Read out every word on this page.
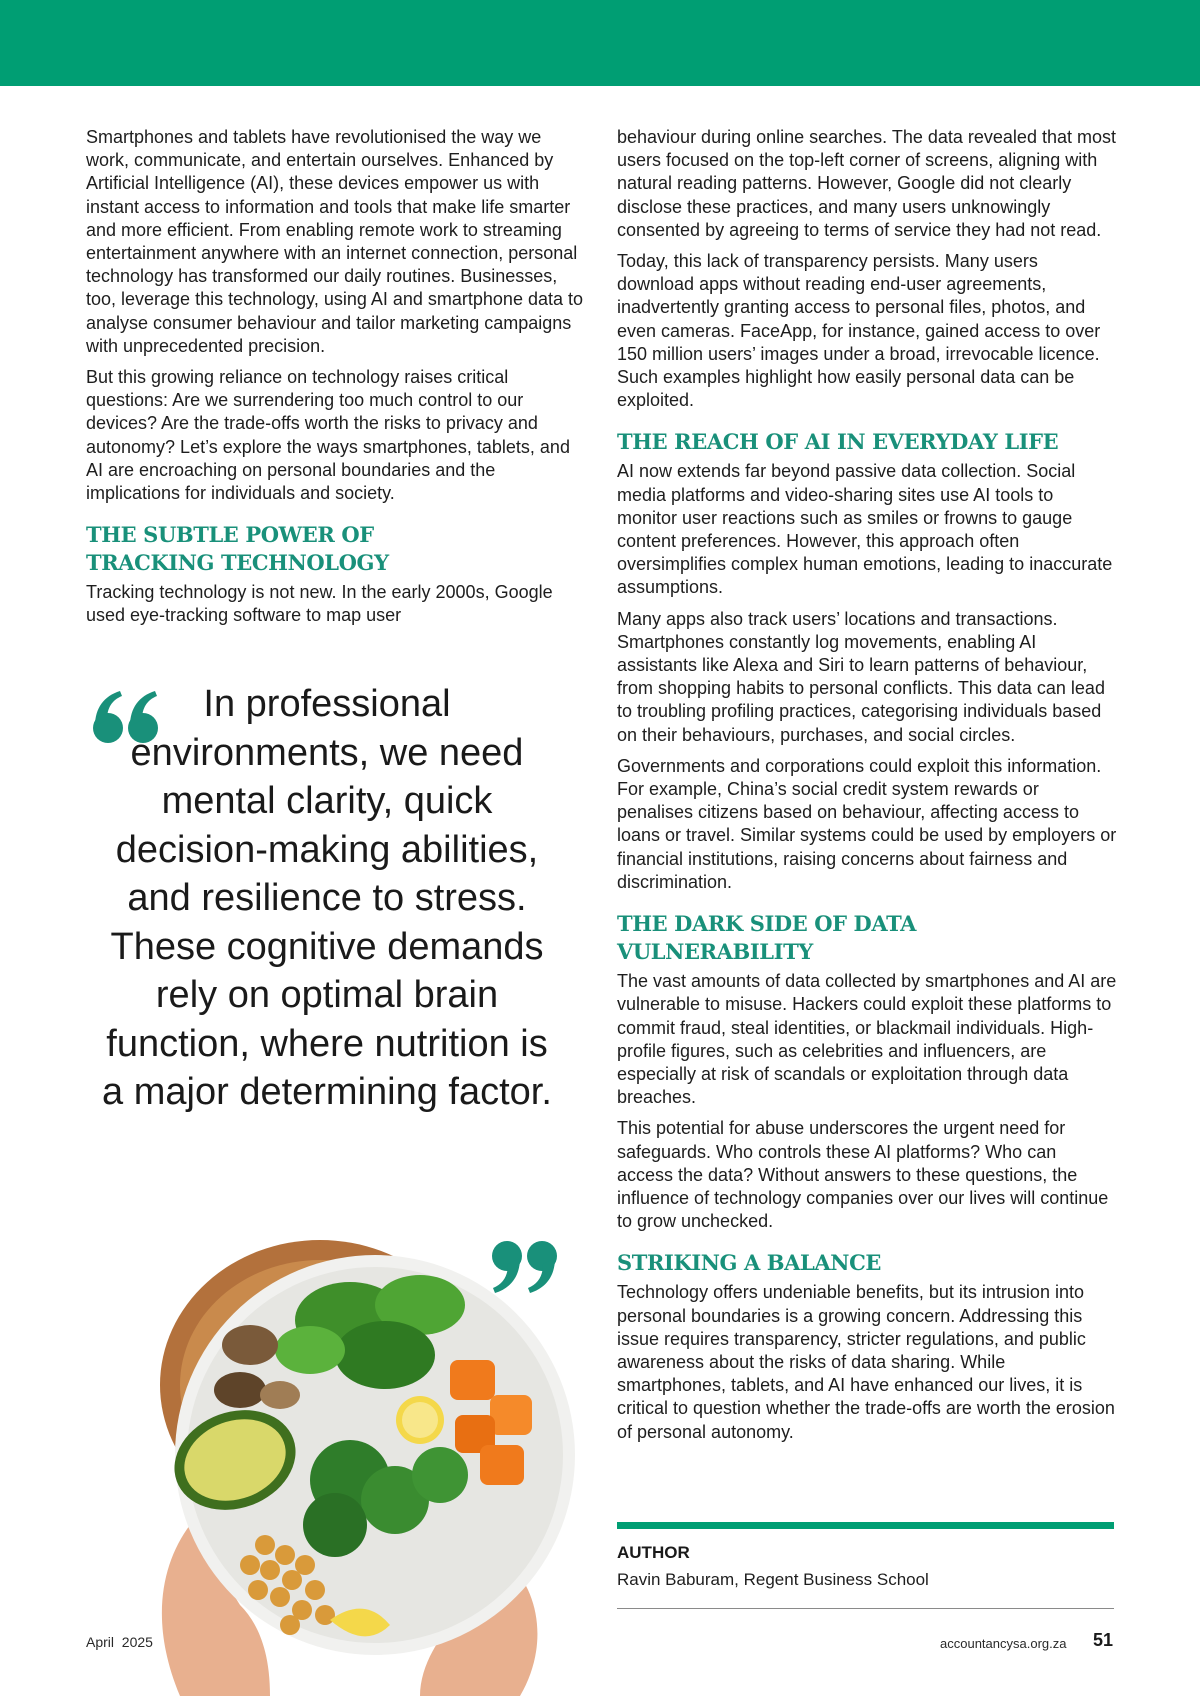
Smartphones and tablets have revolutionised the way we work, communicate, and entertain ourselves. Enhanced by Artificial Intelligence (AI), these devices empower us with instant access to information and tools that make life smarter and more efficient. From enabling remote work to streaming entertainment anywhere with an internet connection, personal technology has transformed our daily routines. Businesses, too, leverage this technology, using AI and smartphone data to analyse consumer behaviour and tailor marketing campaigns with unprecedented precision.

But this growing reliance on technology raises critical questions: Are we surrendering too much control to our devices? Are the trade-offs worth the risks to privacy and autonomy? Let’s explore the ways smartphones, tablets, and AI are encroaching on personal boundaries and the implications for individuals and society.

THE SUBTLE POWER OF TRACKING TECHNOLOGY

Tracking technology is not new. In the early 2000s, Google used eye-tracking software to map user

In professional environments, we need mental clarity, quick decision-making abilities, and resilience to stress. These cognitive demands rely on optimal brain function, where nutrition is a major determining factor.

behaviour during online searches. The data revealed that most users focused on the top-left corner of screens, aligning with natural reading patterns. However, Google did not clearly disclose these practices, and many users unknowingly consented by agreeing to terms of service they had not read.

Today, this lack of transparency persists. Many users download apps without reading end-user agreements, inadvertently granting access to personal files, photos, and even cameras. FaceApp, for instance, gained access to over 150 million users’ images under a broad, irrevocable licence. Such examples highlight how easily personal data can be exploited.

THE REACH OF AI IN EVERYDAY LIFE

AI now extends far beyond passive data collection. Social media platforms and video-sharing sites use AI tools to monitor user reactions such as smiles or frowns to gauge content preferences. However, this approach often oversimplifies complex human emotions, leading to inaccurate assumptions.

Many apps also track users’ locations and transactions. Smartphones constantly log movements, enabling AI assistants like Alexa and Siri to learn patterns of behaviour, from shopping habits to personal conflicts. This data can lead to troubling profiling practices, categorising individuals based on their behaviours, purchases, and social circles.

Governments and corporations could exploit this information. For example, China’s social credit system rewards or penalises citizens based on behaviour, affecting access to loans or travel. Similar systems could be used by employers or financial institutions, raising concerns about fairness and discrimination.

THE DARK SIDE OF DATA VULNERABILITY

The vast amounts of data collected by smartphones and AI are vulnerable to misuse. Hackers could exploit these platforms to commit fraud, steal identities, or blackmail individuals. High-profile figures, such as celebrities and influencers, are especially at risk of scandals or exploitation through data breaches.

This potential for abuse underscores the urgent need for safeguards. Who controls these AI platforms? Who can access the data? Without answers to these questions, the influence of technology companies over our lives will continue to grow unchecked.

STRIKING A BALANCE

Technology offers undeniable benefits, but its intrusion into personal boundaries is a growing concern. Addressing this issue requires transparency, stricter regulations, and public awareness about the risks of data sharing. While smartphones, tablets, and AI have enhanced our lives, it is critical to question whether the trade-offs are worth the erosion of personal autonomy.

AUTHOR
Ravin Baburam, Regent Business School
April  2025	accountancysa.org.za 51
